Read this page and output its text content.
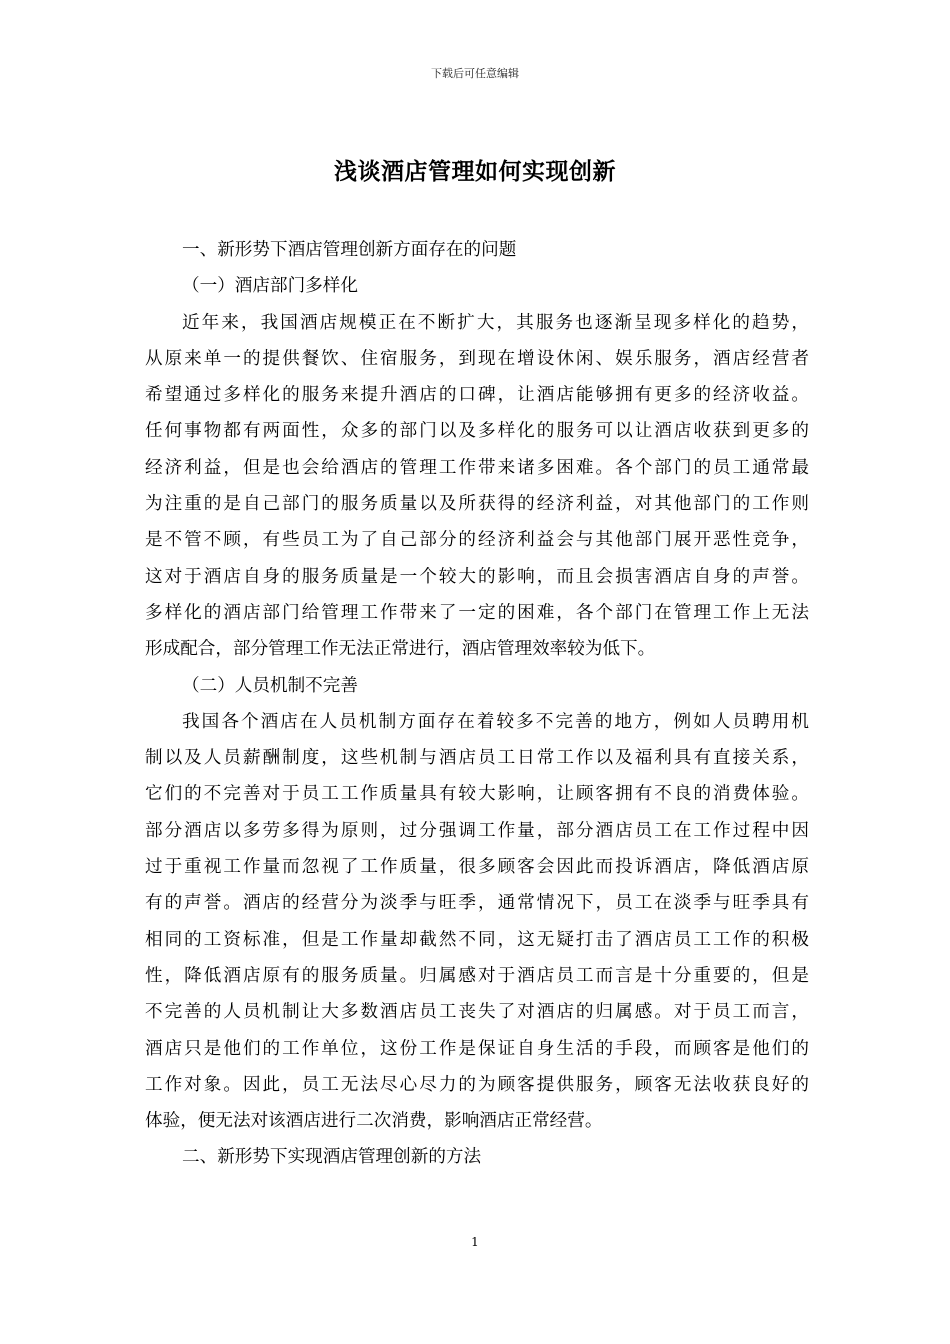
下载后可任意编辑
浅谈酒店管理如何实现创新
一、新形势下酒店管理创新方面存在的问题
（一）酒店部门多样化
近年来，我国酒店规模正在不断扩大，其服务也逐渐呈现多样化的趋势，
从原来单一的提供餐饮、住宿服务，到现在增设休闲、娱乐服务，酒店经营者
希望通过多样化的服务来提升酒店的口碑，让酒店能够拥有更多的经济收益。
任何事物都有两面性，众多的部门以及多样化的服务可以让酒店收获到更多的
经济利益，但是也会给酒店的管理工作带来诸多困难。各个部门的员工通常最
为注重的是自己部门的服务质量以及所获得的经济利益，对其他部门的工作则
是不管不顾，有些员工为了自己部分的经济利益会与其他部门展开恶性竞争，
这对于酒店自身的服务质量是一个较大的影响，而且会损害酒店自身的声誉。
多样化的酒店部门给管理工作带来了一定的困难，各个部门在管理工作上无法
形成配合，部分管理工作无法正常进行，酒店管理效率较为低下。
（二）人员机制不完善
我国各个酒店在人员机制方面存在着较多不完善的地方，例如人员聘用机
制以及人员薪酬制度，这些机制与酒店员工日常工作以及福利具有直接关系，
它们的不完善对于员工工作质量具有较大影响，让顾客拥有不良的消费体验。
部分酒店以多劳多得为原则，过分强调工作量，部分酒店员工在工作过程中因
过于重视工作量而忽视了工作质量，很多顾客会因此而投诉酒店，降低酒店原
有的声誉。酒店的经营分为淡季与旺季，通常情况下，员工在淡季与旺季具有
相同的工资标准，但是工作量却截然不同，这无疑打击了酒店员工工作的积极
性，降低酒店原有的服务质量。归属感对于酒店员工而言是十分重要的，但是
不完善的人员机制让大多数酒店员工丧失了对酒店的归属感。对于员工而言，
酒店只是他们的工作单位，这份工作是保证自身生活的手段，而顾客是他们的
工作对象。因此，员工无法尽心尽力的为顾客提供服务，顾客无法收获良好的
体验，便无法对该酒店进行二次消费，影响酒店正常经营。
二、新形势下实现酒店管理创新的方法
1
